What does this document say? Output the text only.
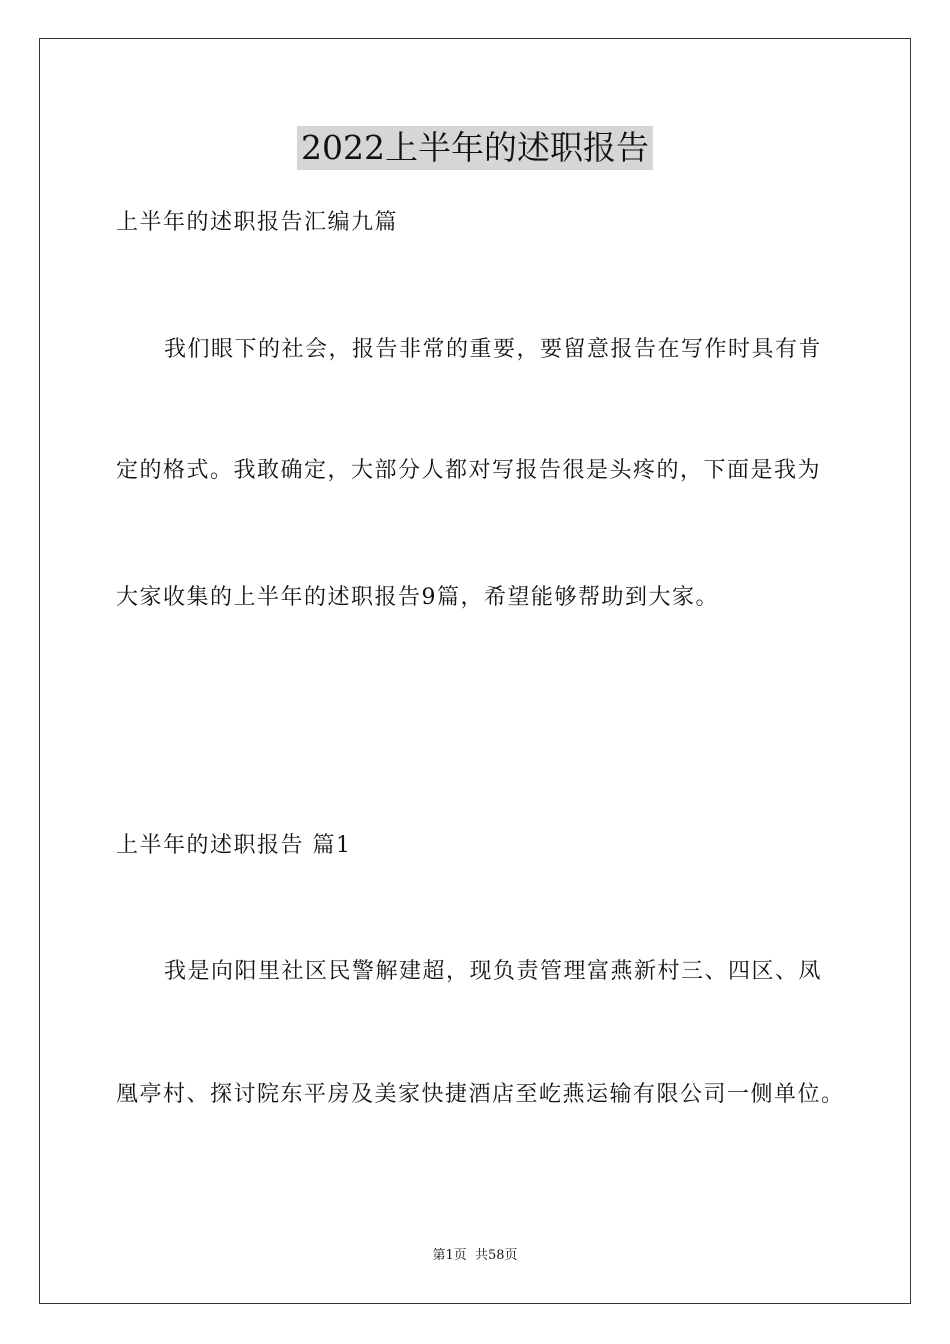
2022上半年的述职报告
上半年的述职报告汇编九篇
我们眼下的社会，报告非常的重要，要留意报告在写作时具有肯
定的格式。我敢确定，大部分人都对写报告很是头疼的，下面是我为
大家收集的上半年的述职报告9篇，希望能够帮助到大家。
上半年的述职报告 篇1
我是向阳里社区民警解建超，现负责管理富燕新村三、四区、凤
凰亭村、探讨院东平房及美家快捷酒店至屹燕运输有限公司一侧单位。
第1页 共58页
